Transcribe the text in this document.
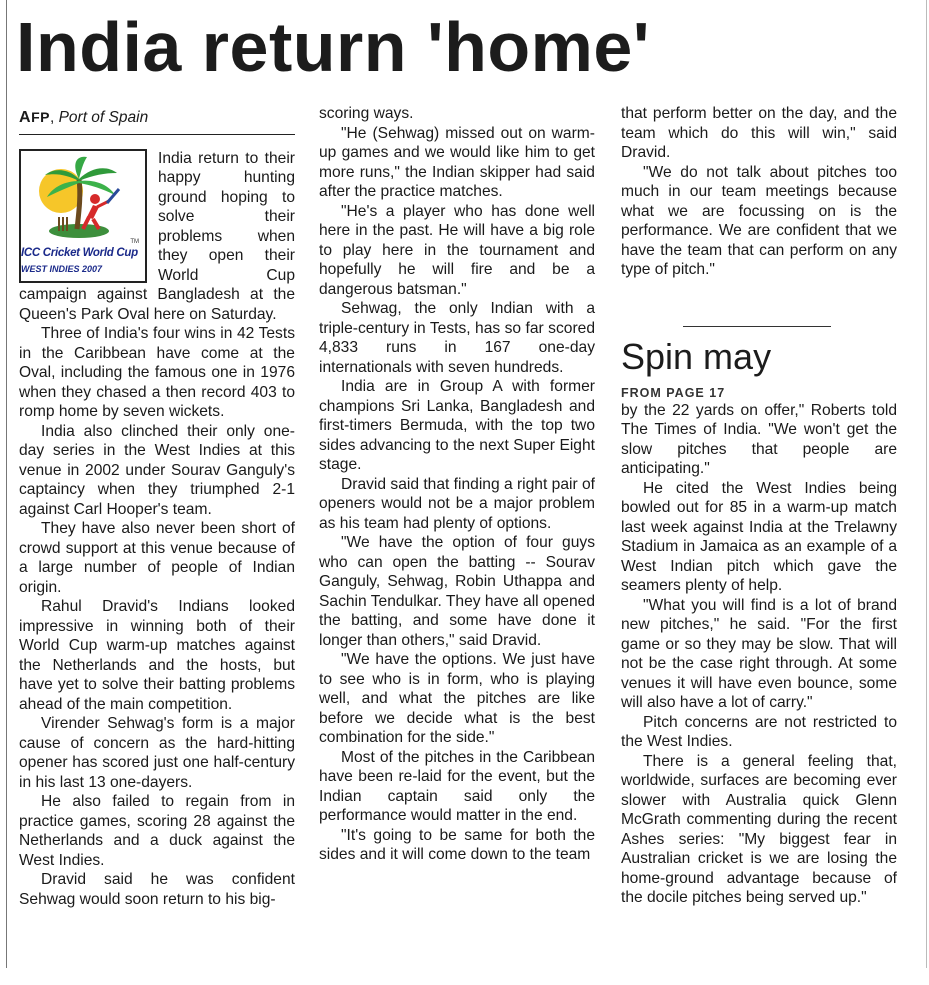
India return 'home'
AFP, Port of Spain
TM
ICC Cricket World Cup
WEST INDIES 2007

India return to their happy hunting ground hoping to solve their problems when they open their World Cup campaign against Bangladesh at the Queen's Park Oval here on Saturday.

Three of India's four wins in 42 Tests in the Caribbean have come at the Oval, including the famous one in 1976 when they chased a then record 403 to romp home by seven wickets.

India also clinched their only one-day series in the West Indies at this venue in 2002 under Sourav Ganguly's captaincy when they triumphed 2-1 against Carl Hooper's team.

They have also never been short of crowd support at this venue because of a large number of people of Indian origin.

Rahul Dravid's Indians looked impressive in winning both of their World Cup warm-up matches against the Netherlands and the hosts, but have yet to solve their batting problems ahead of the main competition.

Virender Sehwag's form is a major cause of concern as the hard-hitting opener has scored just one half-century in his last 13 one-dayers.

He also failed to regain from in practice games, scoring 28 against the Netherlands and a duck against the West Indies.

Dravid said he was confident Sehwag would soon return to his big-

scoring ways.

"He (Sehwag) missed out on warm-up games and we would like him to get more runs," the Indian skipper had said after the practice matches.

"He's a player who has done well here in the past. He will have a big role to play here in the tournament and hopefully he will fire and be a dangerous batsman."

Sehwag, the only Indian with a triple-century in Tests, has so far scored 4,833 runs in 167 one-day internationals with seven hundreds.

India are in Group A with former champions Sri Lanka, Bangladesh and first-timers Bermuda, with the top two sides advancing to the next Super Eight stage.

Dravid said that finding a right pair of openers would not be a major problem as his team had plenty of options.

"We have the option of four guys who can open the batting -- Sourav Ganguly, Sehwag, Robin Uthappa and Sachin Tendulkar. They have all opened the batting, and some have done it longer than others," said Dravid.

"We have the options. We just have to see who is in form, who is playing well, and what the pitches are like before we decide what is the best combination for the side."

Most of the pitches in the Caribbean have been re-laid for the event, but the Indian captain said only the performance would matter in the end.

"It's going to be same for both the sides and it will come down to the team

that perform better on the day, and the team which do this will win," said Dravid.

"We do not talk about pitches too much in our team meetings because what we are focussing on is the performance. We are confident that we have the team that can perform on any type of pitch."

Spin may
FROM PAGE 17

by the 22 yards on offer," Roberts told The Times of India. "We won't get the slow pitches that people are anticipating."

He cited the West Indies being bowled out for 85 in a warm-up match last week against India at the Trelawny Stadium in Jamaica as an example of a West Indian pitch which gave the seamers plenty of help.

"What you will find is a lot of brand new pitches," he said. "For the first game or so they may be slow. That will not be the case right through. At some venues it will have even bounce, some will also have a lot of carry."

Pitch concerns are not restricted to the West Indies.

There is a general feeling that, worldwide, surfaces are becoming ever slower with Australia quick Glenn McGrath commenting during the recent Ashes series: "My biggest fear in Australian cricket is we are losing the home-ground advantage because of the docile pitches being served up."
